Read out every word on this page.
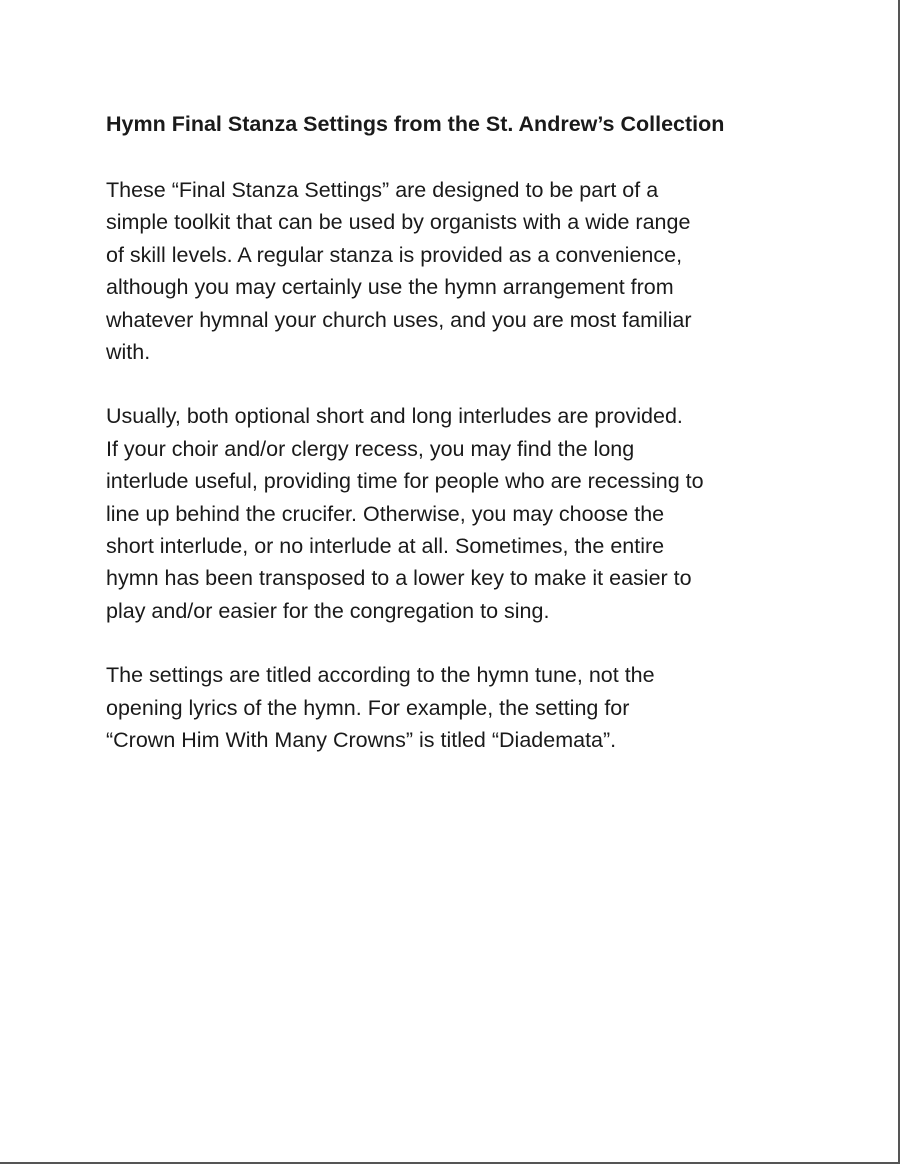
Hymn Final Stanza Settings from the St. Andrew’s Collection

These “Final Stanza Settings” are designed to be part of a
simple toolkit that can be used by organists with a wide range
of skill levels. A regular stanza is provided as a convenience,
although you may certainly use the hymn arrangement from
whatever hymnal your church uses, and you are most familiar
with.

Usually, both optional short and long interludes are provided.
If your choir and/or clergy recess, you may find the long
interlude useful, providing time for people who are recessing to
line up behind the crucifer. Otherwise, you may choose the
short interlude, or no interlude at all. Sometimes, the entire
hymn has been transposed to a lower key to make it easier to
play and/or easier for the congregation to sing.

The settings are titled according to the hymn tune, not the
opening lyrics of the hymn. For example, the setting for
“Crown Him With Many Crowns” is titled “Diademata”.
